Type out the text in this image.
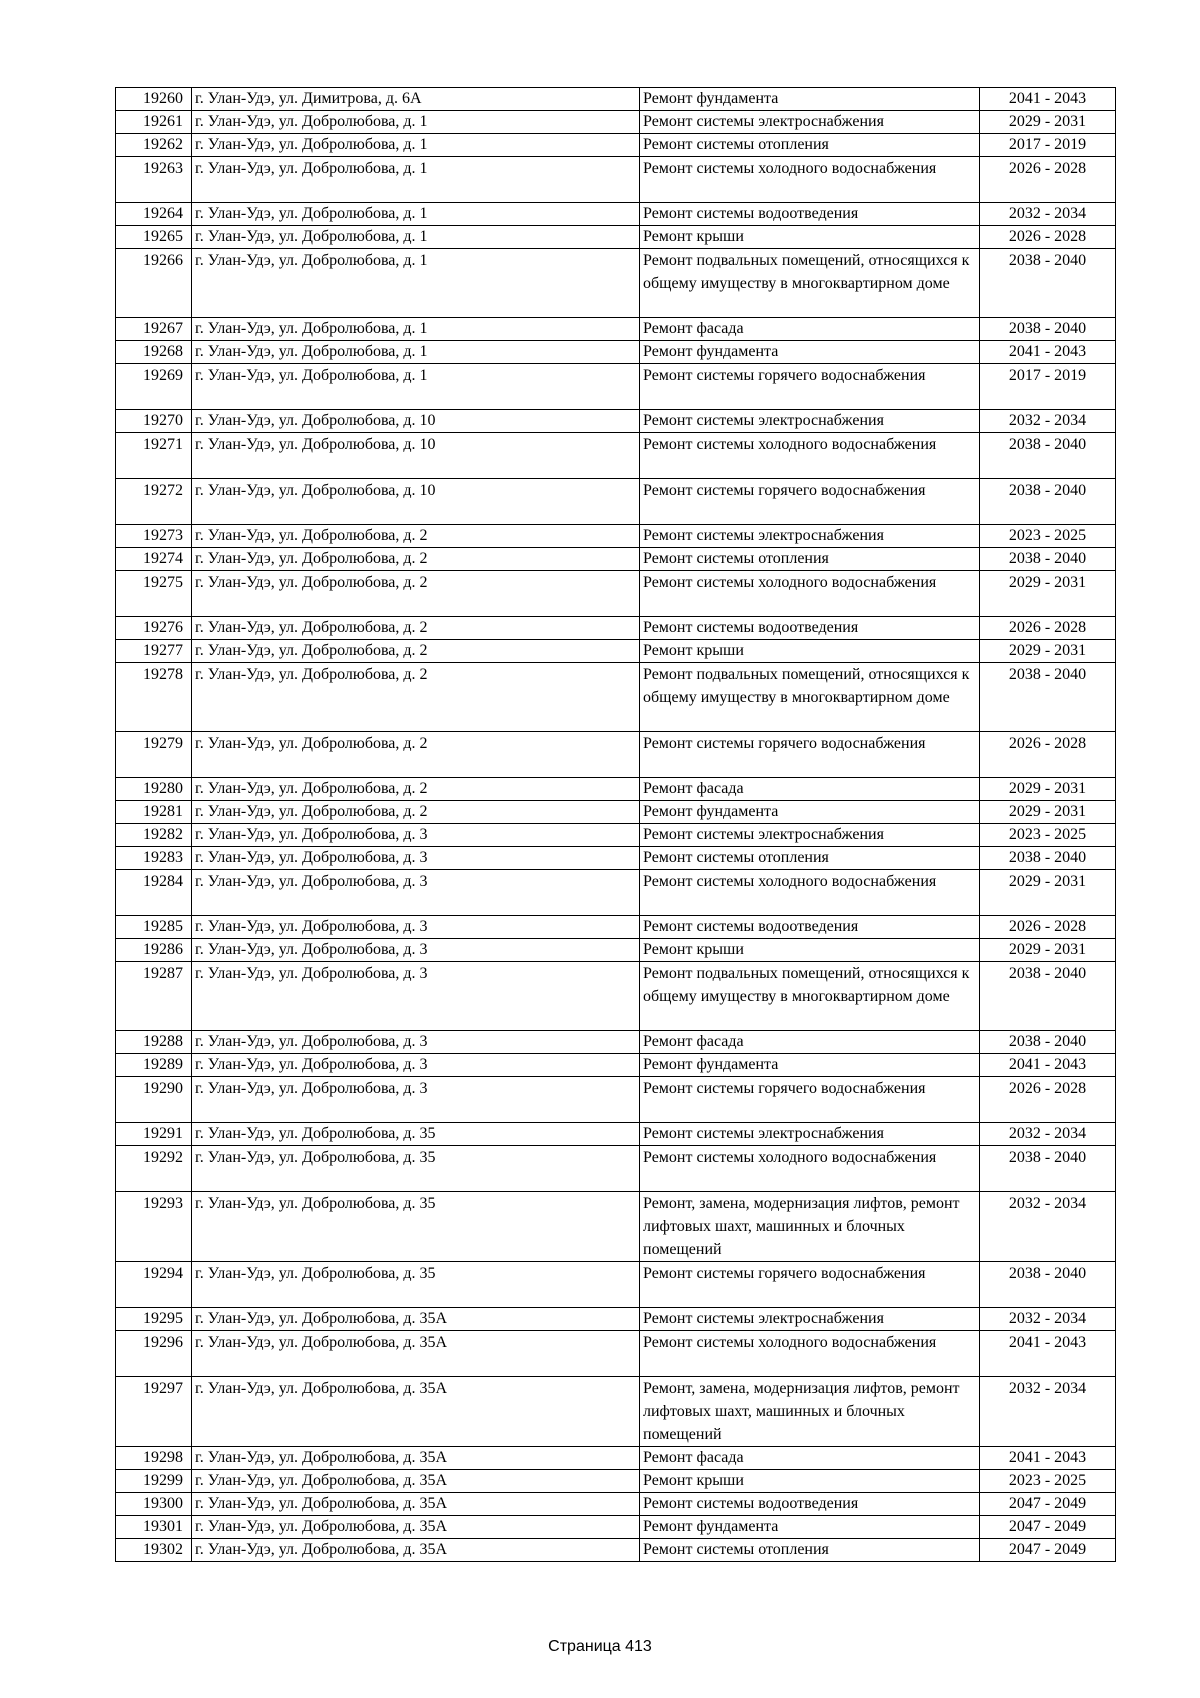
19260	г. Улан-Удэ, ул. Димитрова, д. 6А	Ремонт фундамента	2041 - 2043
19261	г. Улан-Удэ, ул. Добролюбова, д. 1	Ремонт системы электроснабжения	2029 - 2031
19262	г. Улан-Удэ, ул. Добролюбова, д. 1	Ремонт системы отопления	2017 - 2019
19263	г. Улан-Удэ, ул. Добролюбова, д. 1	Ремонт системы холодного водоснабжения	2026 - 2028
19264	г. Улан-Удэ, ул. Добролюбова, д. 1	Ремонт системы водоотведения	2032 - 2034
19265	г. Улан-Удэ, ул. Добролюбова, д. 1	Ремонт крыши	2026 - 2028
19266	г. Улан-Удэ, ул. Добролюбова, д. 1	Ремонт подвальных помещений, относящихся к общему имуществу в многоквартирном доме	2038 - 2040
19267	г. Улан-Удэ, ул. Добролюбова, д. 1	Ремонт фасада	2038 - 2040
19268	г. Улан-Удэ, ул. Добролюбова, д. 1	Ремонт фундамента	2041 - 2043
19269	г. Улан-Удэ, ул. Добролюбова, д. 1	Ремонт системы горячего водоснабжения	2017 - 2019
19270	г. Улан-Удэ, ул. Добролюбова, д. 10	Ремонт системы электроснабжения	2032 - 2034
19271	г. Улан-Удэ, ул. Добролюбова, д. 10	Ремонт системы холодного водоснабжения	2038 - 2040
19272	г. Улан-Удэ, ул. Добролюбова, д. 10	Ремонт системы горячего водоснабжения	2038 - 2040
19273	г. Улан-Удэ, ул. Добролюбова, д. 2	Ремонт системы электроснабжения	2023 - 2025
19274	г. Улан-Удэ, ул. Добролюбова, д. 2	Ремонт системы отопления	2038 - 2040
19275	г. Улан-Удэ, ул. Добролюбова, д. 2	Ремонт системы холодного водоснабжения	2029 - 2031
19276	г. Улан-Удэ, ул. Добролюбова, д. 2	Ремонт системы водоотведения	2026 - 2028
19277	г. Улан-Удэ, ул. Добролюбова, д. 2	Ремонт крыши	2029 - 2031
19278	г. Улан-Удэ, ул. Добролюбова, д. 2	Ремонт подвальных помещений, относящихся к общему имуществу в многоквартирном доме	2038 - 2040
19279	г. Улан-Удэ, ул. Добролюбова, д. 2	Ремонт системы горячего водоснабжения	2026 - 2028
19280	г. Улан-Удэ, ул. Добролюбова, д. 2	Ремонт фасада	2029 - 2031
19281	г. Улан-Удэ, ул. Добролюбова, д. 2	Ремонт фундамента	2029 - 2031
19282	г. Улан-Удэ, ул. Добролюбова, д. 3	Ремонт системы электроснабжения	2023 - 2025
19283	г. Улан-Удэ, ул. Добролюбова, д. 3	Ремонт системы отопления	2038 - 2040
19284	г. Улан-Удэ, ул. Добролюбова, д. 3	Ремонт системы холодного водоснабжения	2029 - 2031
19285	г. Улан-Удэ, ул. Добролюбова, д. 3	Ремонт системы водоотведения	2026 - 2028
19286	г. Улан-Удэ, ул. Добролюбова, д. 3	Ремонт крыши	2029 - 2031
19287	г. Улан-Удэ, ул. Добролюбова, д. 3	Ремонт подвальных помещений, относящихся к общему имуществу в многоквартирном доме	2038 - 2040
19288	г. Улан-Удэ, ул. Добролюбова, д. 3	Ремонт фасада	2038 - 2040
19289	г. Улан-Удэ, ул. Добролюбова, д. 3	Ремонт фундамента	2041 - 2043
19290	г. Улан-Удэ, ул. Добролюбова, д. 3	Ремонт системы горячего водоснабжения	2026 - 2028
19291	г. Улан-Удэ, ул. Добролюбова, д. 35	Ремонт системы электроснабжения	2032 - 2034
19292	г. Улан-Удэ, ул. Добролюбова, д. 35	Ремонт системы холодного водоснабжения	2038 - 2040
19293	г. Улан-Удэ, ул. Добролюбова, д. 35	Ремонт, замена, модернизация лифтов, ремонт лифтовых шахт, машинных и блочных помещений	2032 - 2034
19294	г. Улан-Удэ, ул. Добролюбова, д. 35	Ремонт системы горячего водоснабжения	2038 - 2040
19295	г. Улан-Удэ, ул. Добролюбова, д. 35А	Ремонт системы электроснабжения	2032 - 2034
19296	г. Улан-Удэ, ул. Добролюбова, д. 35А	Ремонт системы холодного водоснабжения	2041 - 2043
19297	г. Улан-Удэ, ул. Добролюбова, д. 35А	Ремонт, замена, модернизация лифтов, ремонт лифтовых шахт, машинных и блочных помещений	2032 - 2034
19298	г. Улан-Удэ, ул. Добролюбова, д. 35А	Ремонт фасада	2041 - 2043
19299	г. Улан-Удэ, ул. Добролюбова, д. 35А	Ремонт крыши	2023 - 2025
19300	г. Улан-Удэ, ул. Добролюбова, д. 35А	Ремонт системы водоотведения	2047 - 2049
19301	г. Улан-Удэ, ул. Добролюбова, д. 35А	Ремонт фундамента	2047 - 2049
19302	г. Улан-Удэ, ул. Добролюбова, д. 35А	Ремонт системы отопления	2047 - 2049
Страница 413
